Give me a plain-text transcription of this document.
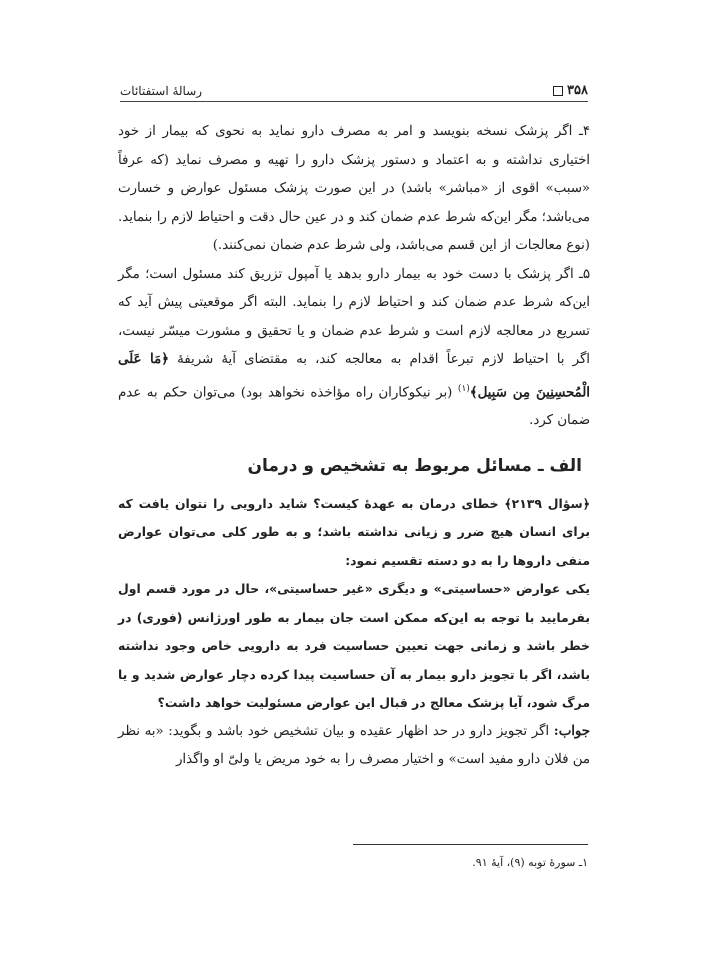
۳۵۸
رسالهٔ استفتائات

۴ـ اگر پزشک نسخه بنویسد و امر به مصرف دارو نماید به نحوی که بیمار از خود اختیاری نداشته و به اعتماد و دستور پزشک دارو را تهیه و مصرف نماید (که عرفاً «سبب» اقوی از «مباشر» باشد) در این صورت پزشک مسئول عوارض و خسارت می‌باشد؛ مگر این‌که شرط عدم ضمان کند و در عین حال دقت و احتیاط لازم را بنماید. (نوع معالجات از این قسم می‌باشد، ولی شرط عدم ضمان نمی‌کنند.)

۵ـ اگر پزشک با دست خود به بیمار دارو بدهد یا آمپول تزریق کند مسئول است؛ مگر این‌که شرط عدم ضمان کند و احتیاط لازم را بنماید. البته اگر موقعیتی پیش آید که تسریع در معالجه لازم است و شرط عدم ضمان و یا تحقیق و مشورت میسّر نیست، اگر با احتیاط لازم تبرعاً اقدام به معالجه کند، به مقتضای آیهٔ شریفهٔ ﴿مَا عَلَى الْمُحسِنِينَ مِن سَبِيل﴾$^{(۱)}$ (بر نیکوکاران راه مؤاخذه نخواهد بود) می‌توان حکم به عدم ضمان کرد.

الف ـ مسائل مربوط به تشخیص و درمان

﴿سؤال ۲۱۳۹﴾ خطای درمان به عهدهٔ کیست؟ شاید دارویی را نتوان یافت که برای انسان هیچ ضرر و زیانی نداشته باشد؛ و به طور کلی می‌توان عوارض منفی داروها را به دو دسته تقسیم نمود:

یکی عوارض «حساسیتی» و دیگری «غیر حساسیتی»، حال در مورد قسم اول بفرمایید با توجه به این‌که ممکن است جان بیمار به طور اورژانس (فوری) در خطر باشد و زمانی جهت تعیین حساسیت فرد به دارویی خاص وجود نداشته باشد، اگر با تجویز دارو بیمار به آن حساسیت پیدا کرده دچار عوارض شدید و یا مرگ شود، آیا پزشک معالج در قبال این عوارض مسئولیت خواهد داشت؟

جواب: اگر تجویز دارو در حد اظهار عقیده و بیان تشخیص خود باشد و بگوید: «به نظر من فلان دارو مفید است» و اختیار مصرف را به خود مریض یا ولیّ او واگذار

۱ـ سورهٔ توبه (۹)، آیهٔ ۹۱.
